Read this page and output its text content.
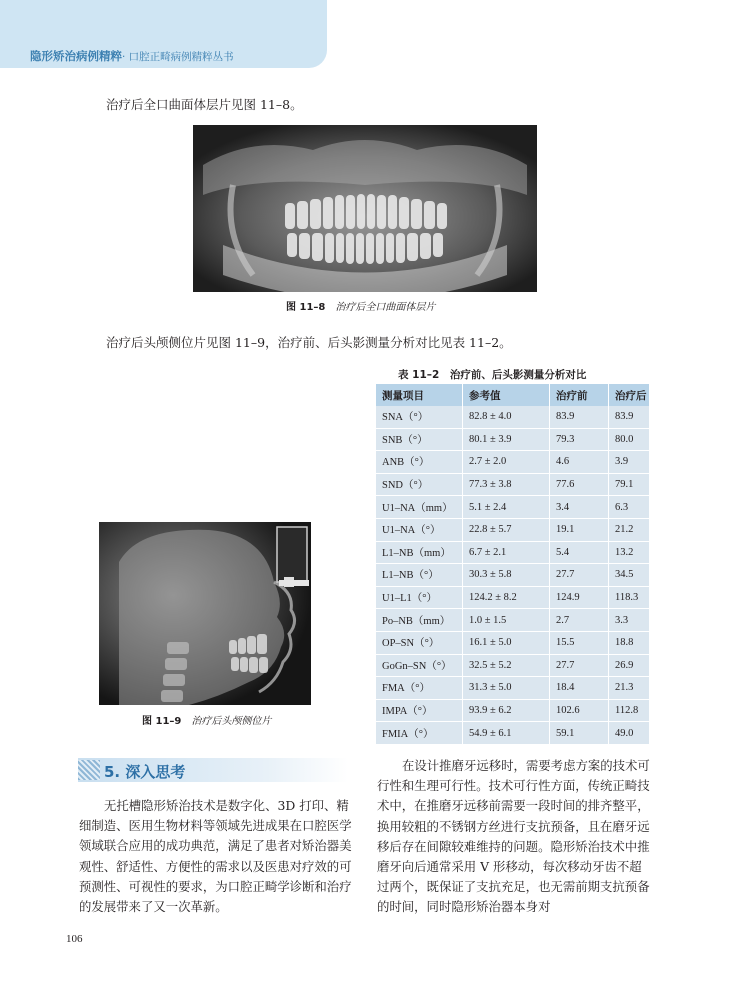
隐形矫治病例精粹· 口腔正畸病例精粹丛书

治疗后全口曲面体层片见图 11–8。

图 11–8 治疗后全口曲面体层片

治疗后头颅侧位片见图 11–9，治疗前、后头影测量分析对比见表 11–2。

图 11–9 治疗后头颅侧位片
表 11–2　治疗前、后头影测量分析对比
测量项目	参考值	治疗前	治疗后
SNA（°）	82.8 ± 4.0	83.9	83.9
SNB（°）	80.1 ± 3.9	79.3	80.0
ANB（°）	2.7 ± 2.0	4.6	3.9
SND（°）	77.3 ± 3.8	77.6	79.1
U1–NA（mm）	5.1 ± 2.4	3.4	6.3
U1–NA（°）	22.8 ± 5.7	19.1	21.2
L1–NB（mm）	6.7 ± 2.1	5.4	13.2
L1–NB（°）	30.3 ± 5.8	27.7	34.5
U1–L1（°）	124.2 ± 8.2	124.9	118.3
Po–NB（mm）	1.0 ± 1.5	2.7	3.3
OP–SN（°）	16.1 ± 5.0	15.5	18.8
GoGn–SN（°）	32.5 ± 5.2	27.7	26.9
FMA（°）	31.3 ± 5.0	18.4	21.3
IMPA（°）	93.9 ± 6.2	102.6	112.8
FMIA（°）	54.9 ± 6.1	59.1	49.0
5. 深入思考

无托槽隐形矫治技术是数字化、3D 打印、精细制造、医用生物材料等领域先进成果在口腔医学领域联合应用的成功典范，满足了患者对矫治器美观性、舒适性、方便性的需求以及医患对疗效的可预测性、可视性的要求，为口腔正畸学诊断和治疗的发展带来了又一次革新。

在设计推磨牙远移时，需要考虑方案的技术可行性和生理可行性。技术可行性方面，传统正畸技术中，在推磨牙远移前需要一段时间的排齐整平，换用较粗的不锈钢方丝进行支抗预备，且在磨牙远移后存在间隙较难维持的问题。隐形矫治技术中推磨牙向后通常采用 V 形移动，每次移动牙齿不超过两个，既保证了支抗充足，也无需前期支抗预备的时间，同时隐形矫治器本身对

106
